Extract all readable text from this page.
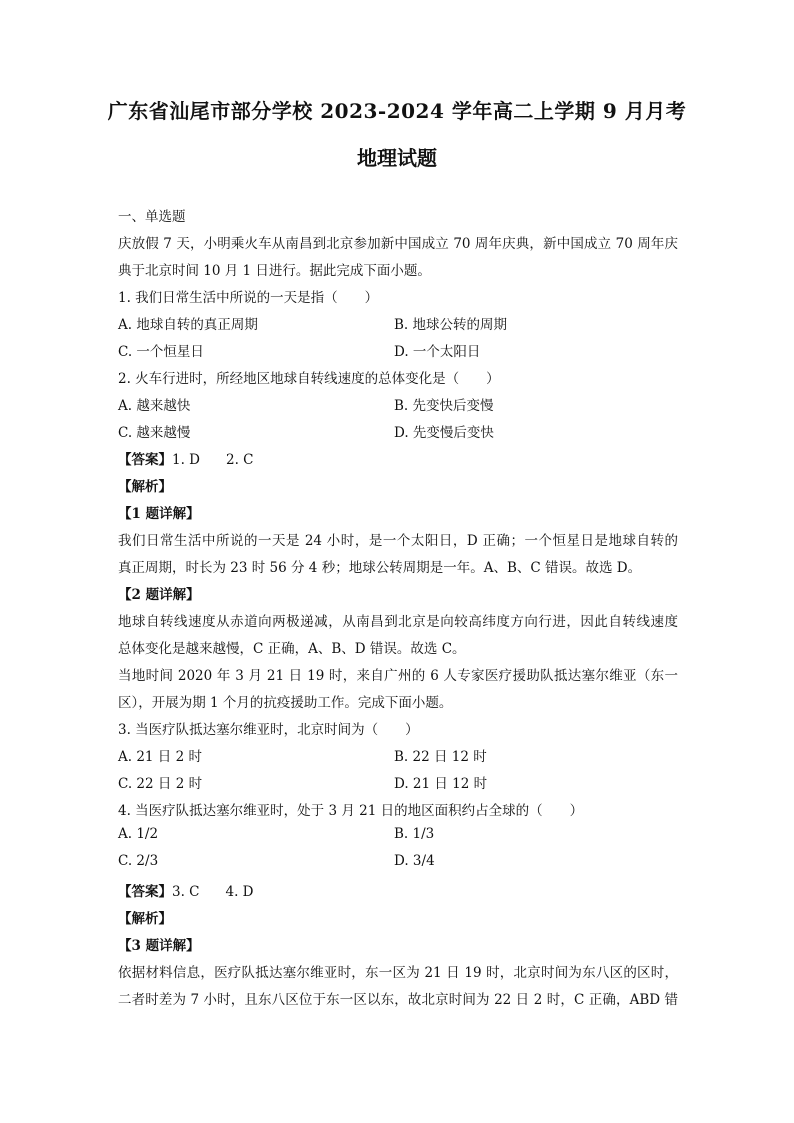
广东省汕尾市部分学校 2023-2024 学年高二上学期 9 月月考
地理试题
一、单选题
庆放假 7 天，小明乘火车从南昌到北京参加新中国成立 70 周年庆典，新中国成立 70 周年庆
典于北京时间 10 月 1 日进行。据此完成下面小题。
1. 我们日常生活中所说的一天是指（　　）
A. 地球自转的真正周期	B. 地球公转的周期
C. 一个恒星日	D. 一个太阳日
2. 火车行进时，所经地区地球自转线速度的总体变化是（　　）
A. 越来越快	B. 先变快后变慢
C. 越来越慢	D. 先变慢后变快
【答案】1. D 2. C
【解析】
【1 题详解】
我们日常生活中所说的一天是 24 小时，是一个太阳日，D 正确；一个恒星日是地球自转的
真正周期，时长为 23 时 56 分 4 秒；地球公转周期是一年。A、B、C 错误。故选 D。
【2 题详解】
地球自转线速度从赤道向两极递减，从南昌到北京是向较高纬度方向行进，因此自转线速度
总体变化是越来越慢，C 正确，A、B、D 错误。故选 C。
当地时间 2020 年 3 月 21 日 19 时，来自广州的 6 人专家医疗援助队抵达塞尔维亚（东一
区），开展为期 1 个月的抗疫援助工作。完成下面小题。
3. 当医疗队抵达塞尔维亚时，北京时间为（　　）
A. 21 日 2 时	B. 22 日 12 时
C. 22 日 2 时	D. 21 日 12 时
4. 当医疗队抵达塞尔维亚时，处于 3 月 21 日的地区面积约占全球的（　　）
A. 1/2	B. 1/3
C. 2/3	D. 3/4
【答案】3. C 4. D
【解析】
【3 题详解】
依据材料信息，医疗队抵达塞尔维亚时，东一区为 21 日 19 时，北京时间为东八区的区时，
二者时差为 7 小时，且东八区位于东一区以东，故北京时间为 22 日 2 时，C 正确，ABD 错
